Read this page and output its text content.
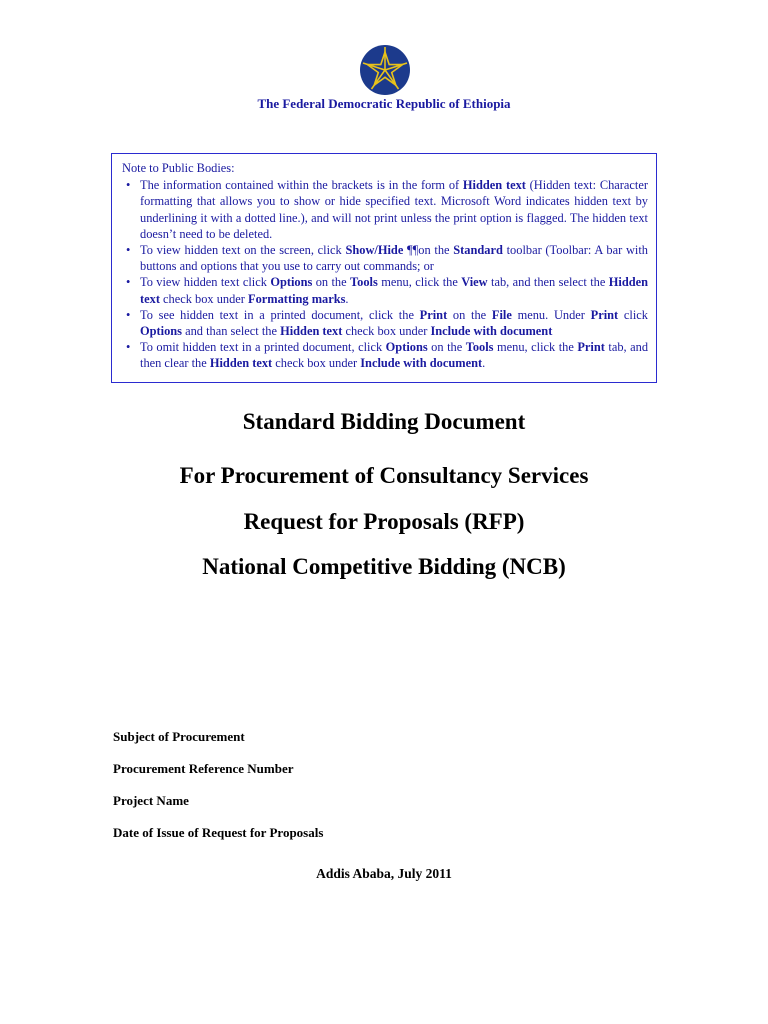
The Federal Democratic Republic of Ethiopia
Note to Public Bodies:
• The information contained within the brackets is in the form of Hidden text (Hidden text: Character formatting that allows you to show or hide specified text. Microsoft Word indicates hidden text by underlining it with a dotted line.), and will not print unless the print option is flagged. The hidden text doesn’t need to be deleted.
• To view hidden text on the screen, click Show/Hide ¶¶on the Standard toolbar (Toolbar: A bar with buttons and options that you use to carry out commands; or
• To view hidden text click Options on the Tools menu, click the View tab, and then select the Hidden text check box under Formatting marks.
• To see hidden text in a printed document, click the Print on the File menu. Under Print click Options and than select the Hidden text check box under Include with document
• To omit hidden text in a printed document, click Options on the Tools menu, click the Print tab, and then clear the Hidden text check box under Include with document.
Standard Bidding Document
For Procurement of Consultancy Services
Request for Proposals (RFP)
National Competitive Bidding (NCB)
Subject of Procurement
Procurement Reference Number
Project Name
Date of Issue of Request for Proposals
Addis Ababa, July 2011
